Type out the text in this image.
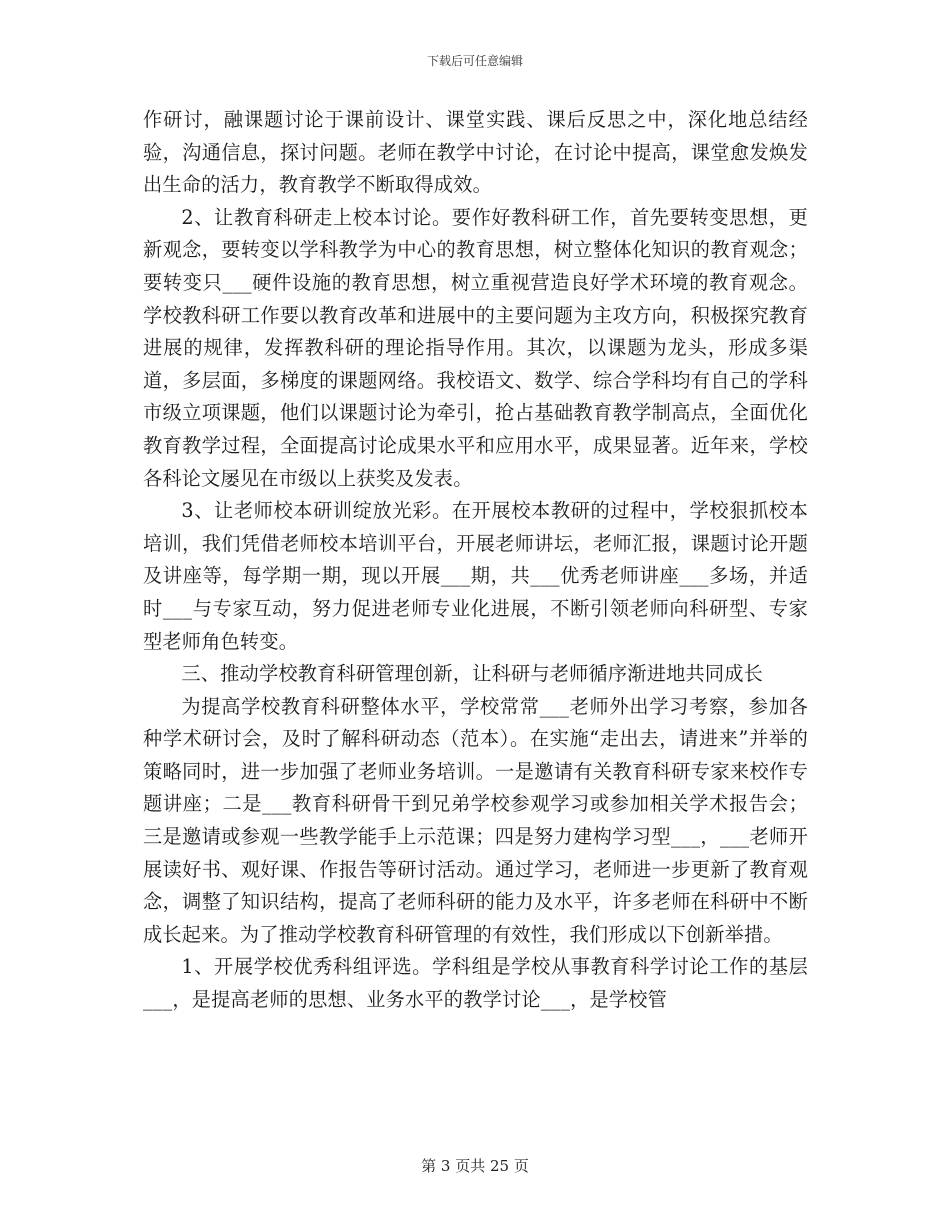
下载后可任意编辑

作研讨，融课题讨论于课前设计、课堂实践、课后反思之中，深化地总结经验，沟通信息，探讨问题。老师在教学中讨论，在讨论中提高，课堂愈发焕发出生命的活力，教育教学不断取得成效。

2、让教育科研走上校本讨论。要作好教科研工作，首先要转变思想，更新观念，要转变以学科教学为中心的教育思想，树立整体化知识的教育观念；要转变只___硬件设施的教育思想，树立重视营造良好学术环境的教育观念。学校教科研工作要以教育改革和进展中的主要问题为主攻方向，积极探究教育进展的规律，发挥教科研的理论指导作用。其次，以课题为龙头，形成多渠道，多层面，多梯度的课题网络。我校语文、数学、综合学科均有自己的学科市级立项课题，他们以课题讨论为牵引，抢占基础教育教学制高点，全面优化教育教学过程，全面提高讨论成果水平和应用水平，成果显著。近年来，学校各科论文屡见在市级以上获奖及发表。

3、让老师校本研训绽放光彩。在开展校本教研的过程中，学校狠抓校本培训，我们凭借老师校本培训平台，开展老师讲坛，老师汇报，课题讨论开题及讲座等，每学期一期，现以开展___期，共___优秀老师讲座___多场，并适时___与专家互动，努力促进老师专业化进展，不断引领老师向科研型、专家型老师角色转变。

三、推动学校教育科研管理创新，让科研与老师循序渐进地共同成长

为提高学校教育科研整体水平，学校常常___老师外出学习考察，参加各种学术研讨会，及时了解科研动态（范本）。在实施“走出去，请进来”并举的策略同时，进一步加强了老师业务培训。一是邀请有关教育科研专家来校作专题讲座；二是___教育科研骨干到兄弟学校参观学习或参加相关学术报告会；三是邀请或参观一些教学能手上示范课；四是努力建构学习型___，___老师开展读好书、观好课、作报告等研讨活动。通过学习，老师进一步更新了教育观念，调整了知识结构，提高了老师科研的能力及水平，许多老师在科研中不断成长起来。为了推动学校教育科研管理的有效性，我们形成以下创新举措。

1、开展学校优秀科组评选。学科组是学校从事教育科学讨论工作的基层___，是提高老师的思想、业务水平的教学讨论___，是学校管

第 3 页共 25 页
